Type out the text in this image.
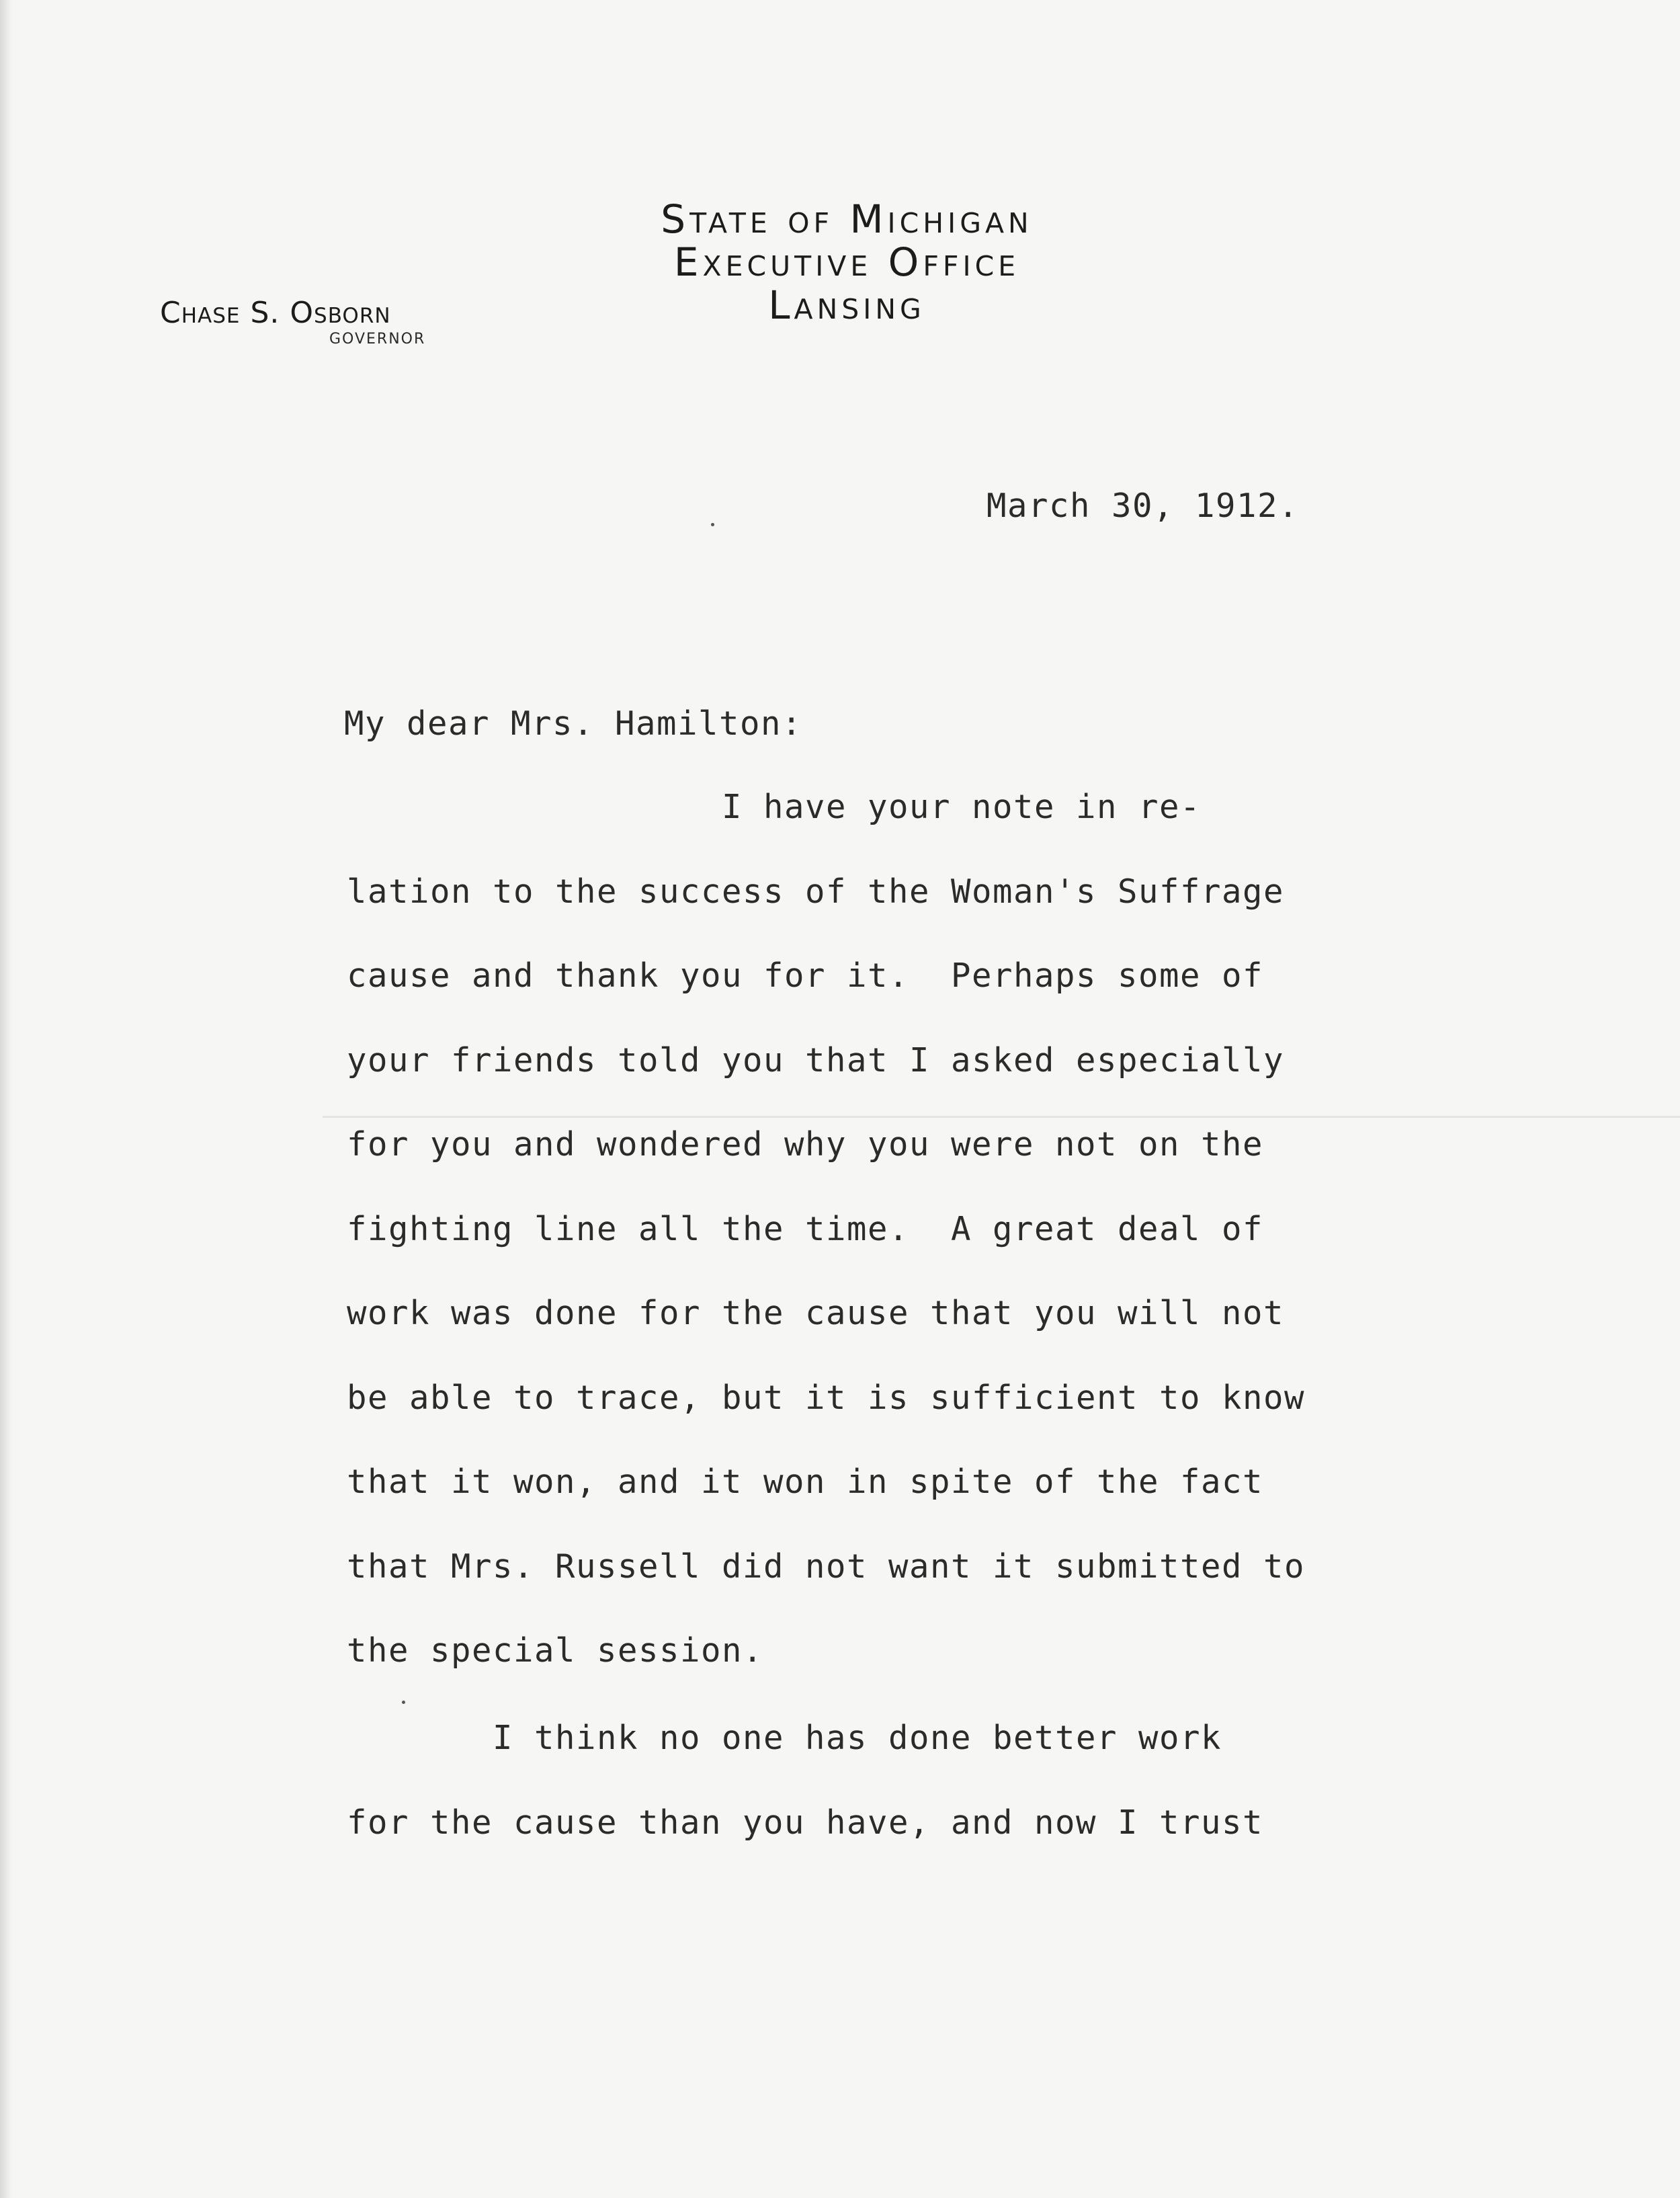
State of Michigan
Executive Office
Lansing
Chase S. Osborn
GOVERNOR
March 30, 1912.
My dear Mrs. Hamilton:
I have your note in re-
lation to the success of the Woman's Suffrage
cause and thank you for it.  Perhaps some of
your friends told you that I asked especially
for you and wondered why you were not on the
fighting line all the time.  A great deal of
work was done for the cause that you will not
be able to trace, but it is sufficient to know
that it won, and it won in spite of the fact
that Mrs. Russell did not want it submitted to
the special session.
I think no one has done better work
for the cause than you have, and now I trust
